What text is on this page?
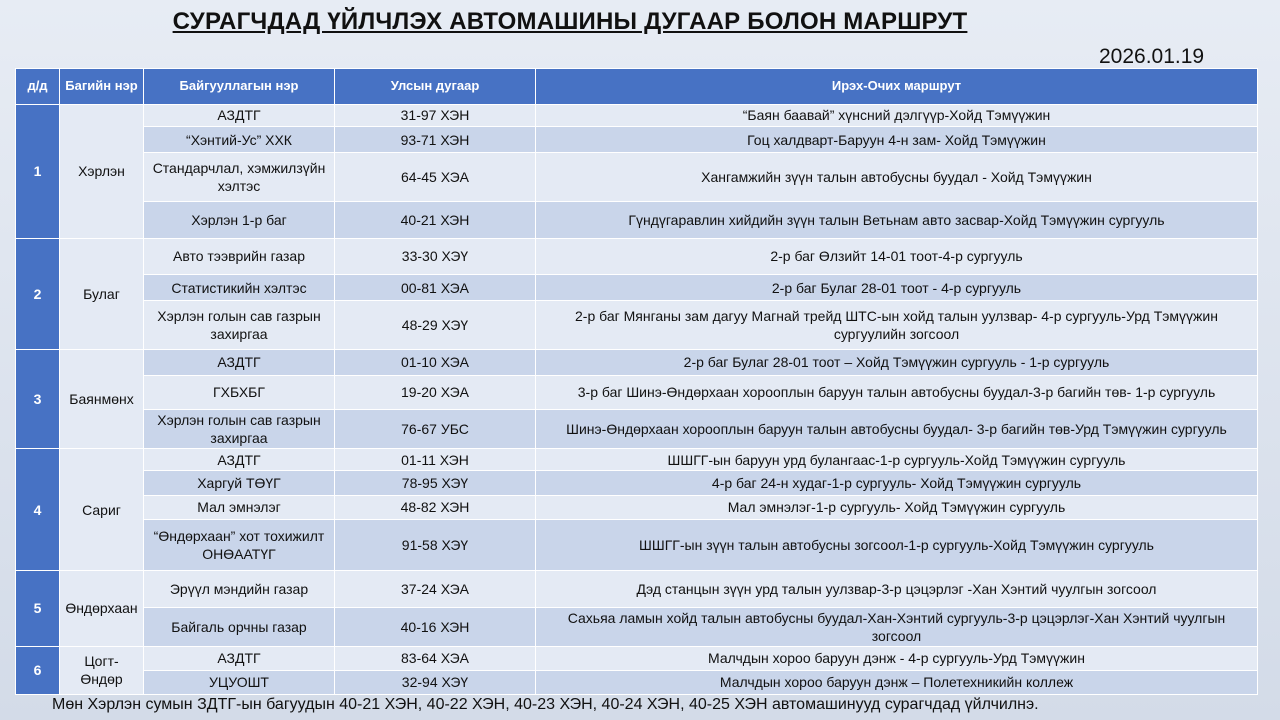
СУРАГЧДАД ҮЙЛЧЛЭХ АВТОМАШИНЫ ДУГААР БОЛОН МАРШРУТ
2026.01.19
д/д	Багийн нэр	Байгууллагын нэр	Улсын дугаар	Ирэх-Очих маршрут
1	Хэрлэн	АЗДТГ	31-97 ХЭН	“Баян баавай” хүнсний дэлгүүр-Хойд Тэмүүжин
		“Хэнтий-Ус” ХХК	93-71 ХЭН	Гоц халдварт-Баруун 4-н зам- Хойд Тэмүүжин
		Стандарчлал, хэмжилзүйн хэлтэс	64-45 ХЭА	Хангамжийн зүүн талын автобусны буудал - Хойд Тэмүүжин
		Хэрлэн 1-р баг	40-21 ХЭН	Гүндүгаравлин хийдийн зүүн талын Ветьнам авто засвар-Хойд Тэмүүжин сургууль
2	Булаг	Авто тээврийн газар	33-30 ХЭҮ	2-р баг Өлзийт 14-01 тоот-4-р сургууль
		Статистикийн хэлтэс	00-81 ХЭА	2-р баг Булаг 28-01 тоот - 4-р сургууль
		Хэрлэн голын сав газрын захиргаа	48-29 ХЭҮ	2-р баг Мянганы зам дагуу Магнай трейд ШТС-ын хойд талын уулзвар- 4-р сургууль-Урд Тэмүүжин сургуулийн зогсоол
3	Баянмөнх	АЗДТГ	01-10 ХЭА	2-р баг Булаг 28-01 тоот – Хойд Тэмүүжин сургууль - 1-р сургууль
		ГХБХБГ	19-20 ХЭА	3-р баг Шинэ-Өндөрхаан хорооплын баруун талын автобусны буудал-3-р багийн төв- 1-р сургууль
		Хэрлэн голын сав газрын захиргаа	76-67 УБС	Шинэ-Өндөрхаан хорооплын баруун талын автобусны буудал- 3-р багийн төв-Урд Тэмүүжин сургууль
4	Сариг	АЗДТГ	01-11 ХЭН	ШШГГ-ын баруун урд булангаас-1-р сургууль-Хойд Тэмүүжин сургууль
		Харгуй ТӨҮГ	78-95 ХЭҮ	4-р баг 24-н худаг-1-р сургууль- Хойд Тэмүүжин сургууль
		Мал эмнэлэг	48-82 ХЭН	Мал эмнэлэг-1-р сургууль- Хойд Тэмүүжин сургууль
		“Өндөрхаан” хот тохижилт ОНӨААТҮГ	91-58 ХЭҮ	ШШГГ-ын зүүн талын автобусны зогсоол-1-р сургууль-Хойд Тэмүүжин сургууль
5	Өндөрхаан	Эрүүл мэндийн газар	37-24 ХЭА	Дэд станцын зүүн урд талын уулзвар-3-р цэцэрлэг -Хан Хэнтий чуулгын зогсоол
		Байгаль орчны газар	40-16 ХЭН	Сахьяа ламын хойд талын автобусны буудал-Хан-Хэнтий сургууль-3-р цэцэрлэг-Хан Хэнтий чуулгын зогсоол
6	Цогт-Өндөр	АЗДТГ	83-64 ХЭА	Малчдын хороо баруун дэнж - 4-р сургууль-Урд Тэмүүжин
		УЦУОШТ	32-94 ХЭҮ	Малчдын хороо баруун дэнж – Полетехникийн коллеж
Мөн Хэрлэн сумын ЗДТГ-ын багуудын 40-21 ХЭН, 40-22 ХЭН, 40-23 ХЭН, 40-24 ХЭН, 40-25 ХЭН автомашинууд сурагчдад үйлчилнэ.
